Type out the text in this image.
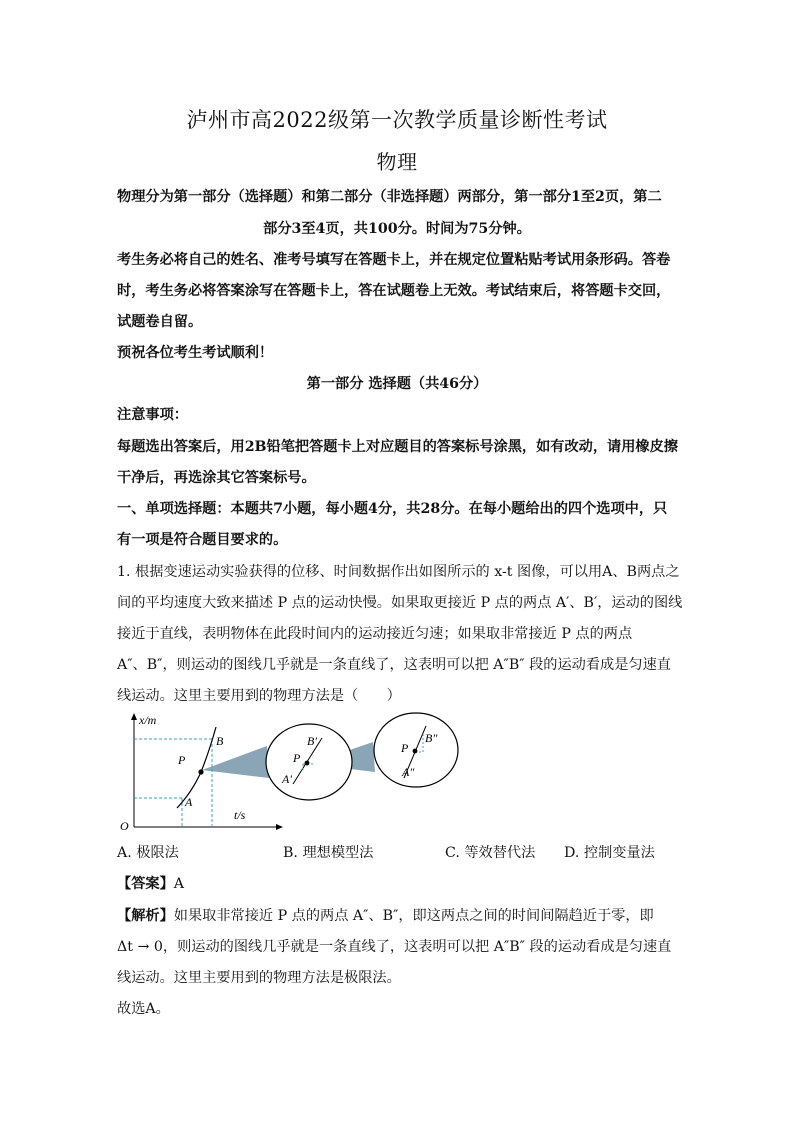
泸州市高2022级第一次教学质量诊断性考试
物理
物理分为第一部分（选择题）和第二部分（非选择题）两部分，第一部分1至2页，第二
部分3至4页，共100分。时间为75分钟。
考生务必将自己的姓名、准考号填写在答题卡上，并在规定位置粘贴考试用条形码。答卷
时，考生务必将答案涂写在答题卡上，答在试题卷上无效。考试结束后，将答题卡交回，
试题卷自留。
预祝各位考生考试顺利！
第一部分 选择题（共46分）
注意事项：
每题选出答案后，用2B铅笔把答题卡上对应题目的答案标号涂黑，如有改动，请用橡皮擦
干净后，再选涂其它答案标号。
一、单项选择题：本题共7小题，每小题4分，共28分。在每小题给出的四个选项中，只
有一项是符合题目要求的。
1. 根据变速运动实验获得的位移、时间数据作出如图所示的 x-t 图像，可以用A、B两点之
间的平均速度大致来描述 P 点的运动快慢。如果取更接近 P 点的两点 A′、B′，运动的图线
接近于直线，表明物体在此段时间内的运动接近匀速；如果取非常接近 P 点的两点
A″、B″，则运动的图线几乎就是一条直线了，这表明可以把 A″B″ 段的运动看成是匀速直
线运动。这里主要用到的物理方法是（　　）
x/m
t/s
O
P
A
B
P
B′
A′
P
B″
A″
A. 极限法	B. 理想模型法	C. 等效替代法 D. 控制变量法
【答案】A
【解析】如果取非常接近 P 点的两点 A″、B″，即这两点之间的时间间隔趋近于零，即
Δt → 0，则运动的图线几乎就是一条直线了，这表明可以把 A″B″ 段的运动看成是匀速直
线运动。这里主要用到的物理方法是极限法。
故选A。
